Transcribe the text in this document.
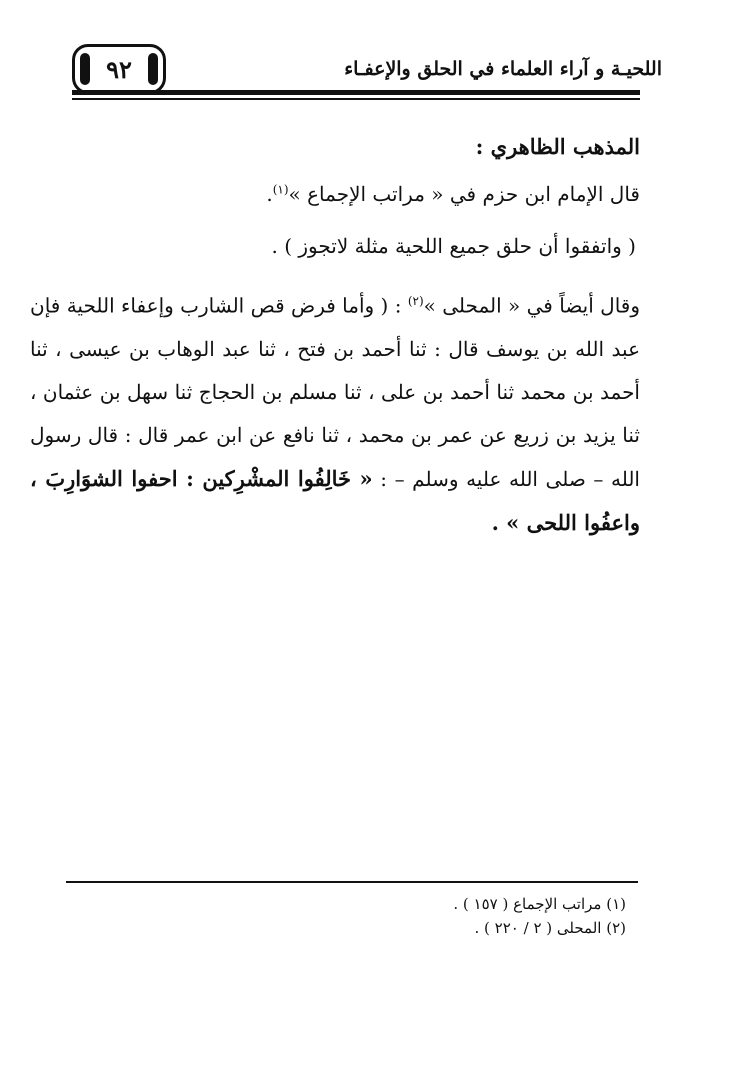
اللحيـة و آراء العلماء في الحلق والإعفـاء
٩٢
المذهب الظاهري :
قال الإمام ابن حزم في « مراتب الإجماع »$^{(١)}$.
( واتفقوا أن حلق جميع اللحية مثلة لاتجوز ) .
وقال أيضاً في « المحلى »$^{(٢)}$ : ( وأما فرض قص الشارب وإعفاء اللحية فإن عبد الله بن يوسف قال : ثنا أحمد بن فتح ، ثنا عبد الوهاب بن عيسى ، ثنا أحمد بن محمد ثنا أحمد بن على ، ثنا مسلم بن الحجاج ثنا سهل بن عثمان ، ثنا يزيد بن زريع عن عمر بن محمد ، ثنا نافع عن ابن عمر قال : قال رسول الله – صلى الله عليه وسلم – : « خَالِفُوا المشْرِكين : احفوا الشوَارِبَ ، واعفُوا اللحى » .
(١) مراتب الإجماع ( ١٥٧ ) .
(٢) المحلى ( ٢ / ٢٢٠ ) .
